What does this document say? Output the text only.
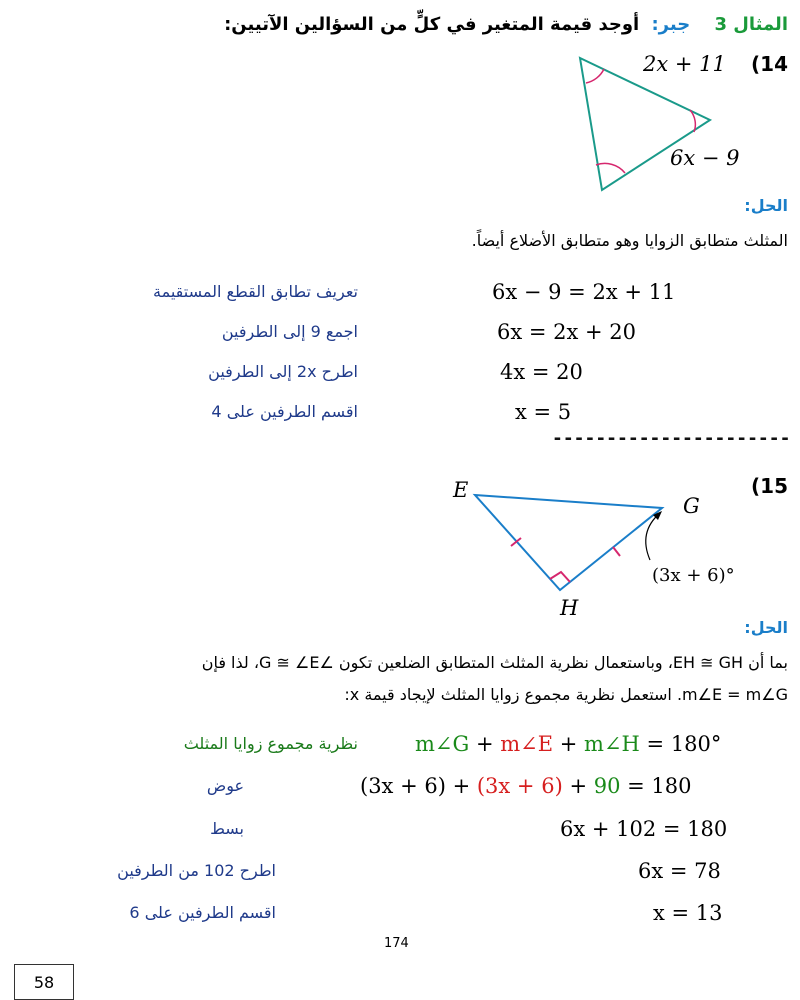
المثال 3 جبر: أوجد قيمة المتغير في كلٍّ من السؤالين الآتيين:
(14
2x + 11
6x − 9
الحل:
المثلث متطابق الزوايا وهو متطابق الأضلاع أيضاً.
6x − 9 = 2x + 11
تعريف تطابق القطع المستقيمة
6x = 2x + 20
اجمع 9 إلى الطرفين
4x = 20
اطرح 2x إلى الطرفين
x = 5
اقسم الطرفين على 4
----------------------
(15
E
G
H
(3x + 6)°
الحل:
بما أن EH ≅ GH، وباستعمال نظرية المثلث المتطابق الضلعين تكون ∠G ≅ ∠E، لذا فإن
m∠E = m∠G. استعمل نظرية مجموع زوايا المثلث لإيجاد قيمة x:
m∠G + m∠E + m∠H = 180°
نظرية مجموع زوايا المثلث
(3x + 6) + (3x + 6) + 90 = 180
عوض
6x + 102 = 180
بسط
6x = 78
اطرح 102 من الطرفين
x = 13
اقسم الطرفين على 6
174
58
